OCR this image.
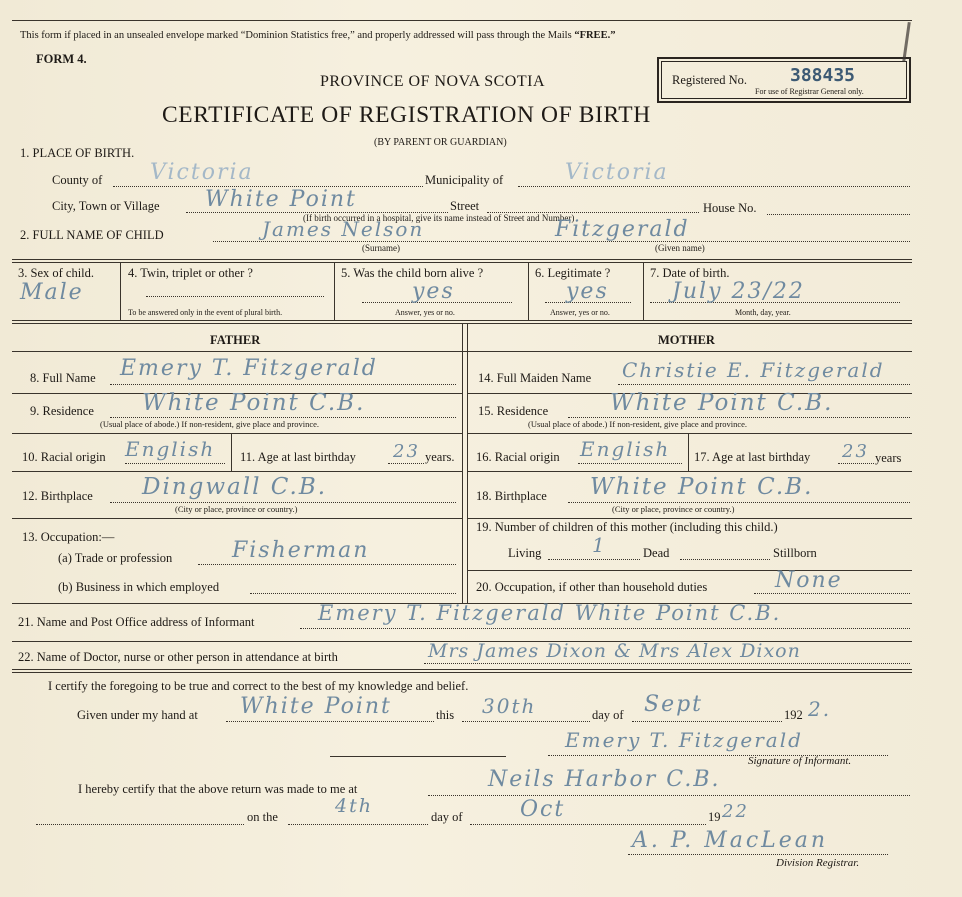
This form if placed in an unsealed envelope marked “Dominion Statistics free,” and properly addressed will pass through the Mails “FREE.”
FORM 4.
PROVINCE OF NOVA SCOTIA
CERTIFICATE OF REGISTRATION OF BIRTH
(BY PARENT OR GUARDIAN)
Registered No. 388435
For use of Registrar General only.
1. PLACE OF BIRTH.
County of Victoria	Municipality of	Victoria
City, Town or Village White Point	Street	House No.
(If birth occurred in a hospital, give its name instead of Street and Number)
2. FULL NAME OF CHILD	James Nelson	Fitzgerald
(Surname)	(Given name)
3. Sex of child.
Male
4. Twin, triplet or other ?
To be answered only in the event of plural birth.
5. Was the child born alive ?
yes
Answer, yes or no.
6. Legitimate ?
yes
Answer, yes or no.
7. Date of birth.
July 23/22
Month, day, year.
FATHER	MOTHER
8. Full Name Emery T. Fitzgerald
9. Residence White Point C.B.
(Usual place of abode.) If non-resident, give place and province.
10. Racial origin English 11. Age at last birthday 23 years.
12. Birthplace Dingwall C.B.
(City or place, province or country.)
13. Occupation:—
(a) Trade or profession	Fisherman
(b) Business in which employed
14. Full Maiden Name Christie E. Fitzgerald
15. Residence	White Point C.B.
(Usual place of abode.) If non-resident, give place and province.
16. Racial origin English 17. Age at last birthday 23 years
18. Birthplace White Point C.B.
(City or place, province or country.)
19. Number of children of this mother (including this child.)
Living	1	Dead	Stillborn
20. Occupation, if other than household duties	None
21. Name and Post Office address of Informant	Emery T. Fitzgerald White Point C.B.
22. Name of Doctor, nurse or other person in attendance at birth	Mrs James Dixon & Mrs Alex Dixon
I certify the foregoing to be true and correct to the best of my knowledge and belief.
Given under my hand at White Point	this 30th	day of Sept	192 2.
Emery T. Fitzgerald
Signature of Informant.
I hereby certify that the above return was made to me at	Neils Harbor C.B.
on the	4th	day of	Oct	19 22
A. P. MacLean
Division Registrar.
